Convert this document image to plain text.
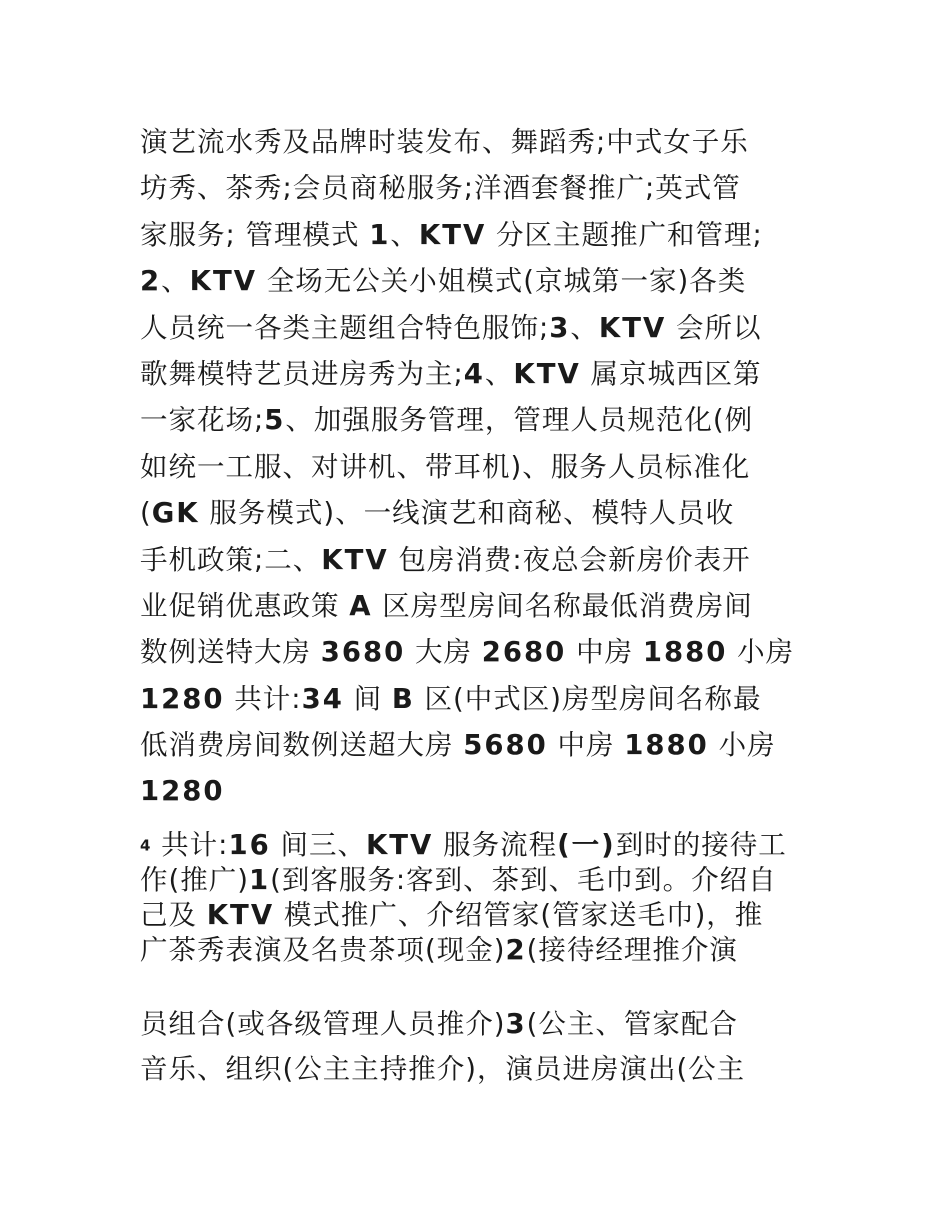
演艺流水秀及品牌时装发布、舞蹈秀;中式女子乐
坊秀、茶秀;会员商秘服务;洋酒套餐推广;英式管
家服务; 管理模式 1、KTV 分区主题推广和管理;
2、KTV 全场无公关小姐模式(京城第一家)各类
人员统一各类主题组合特色服饰;3、KTV 会所以
歌舞模特艺员进房秀为主;4、KTV 属京城西区第
一家花场;5、加强服务管理，管理人员规范化(例
如统一工服、对讲机、带耳机)、服务人员标准化
(GK 服务模式)、一线演艺和商秘、模特人员收
手机政策;二、KTV 包房消费:夜总会新房价表开
业促销优惠政策 A 区房型房间名称最低消费房间
数例送特大房 3680 大房 2680 中房 1880 小房
1280 共计:34 间 B 区(中式区)房型房间名称最
低消费房间数例送超大房 5680 中房 1880 小房
1280
4 共计:16 间三、KTV 服务流程(一)到时的接待工
作(推广)1(到客服务:客到、茶到、毛巾到。介绍自
己及 KTV 模式推广、介绍管家(管家送毛巾)，推
广茶秀表演及名贵茶项(现金)2(接待经理推介演
员组合(或各级管理人员推介)3(公主、管家配合
音乐、组织(公主主持推介)，演员进房演出(公主
